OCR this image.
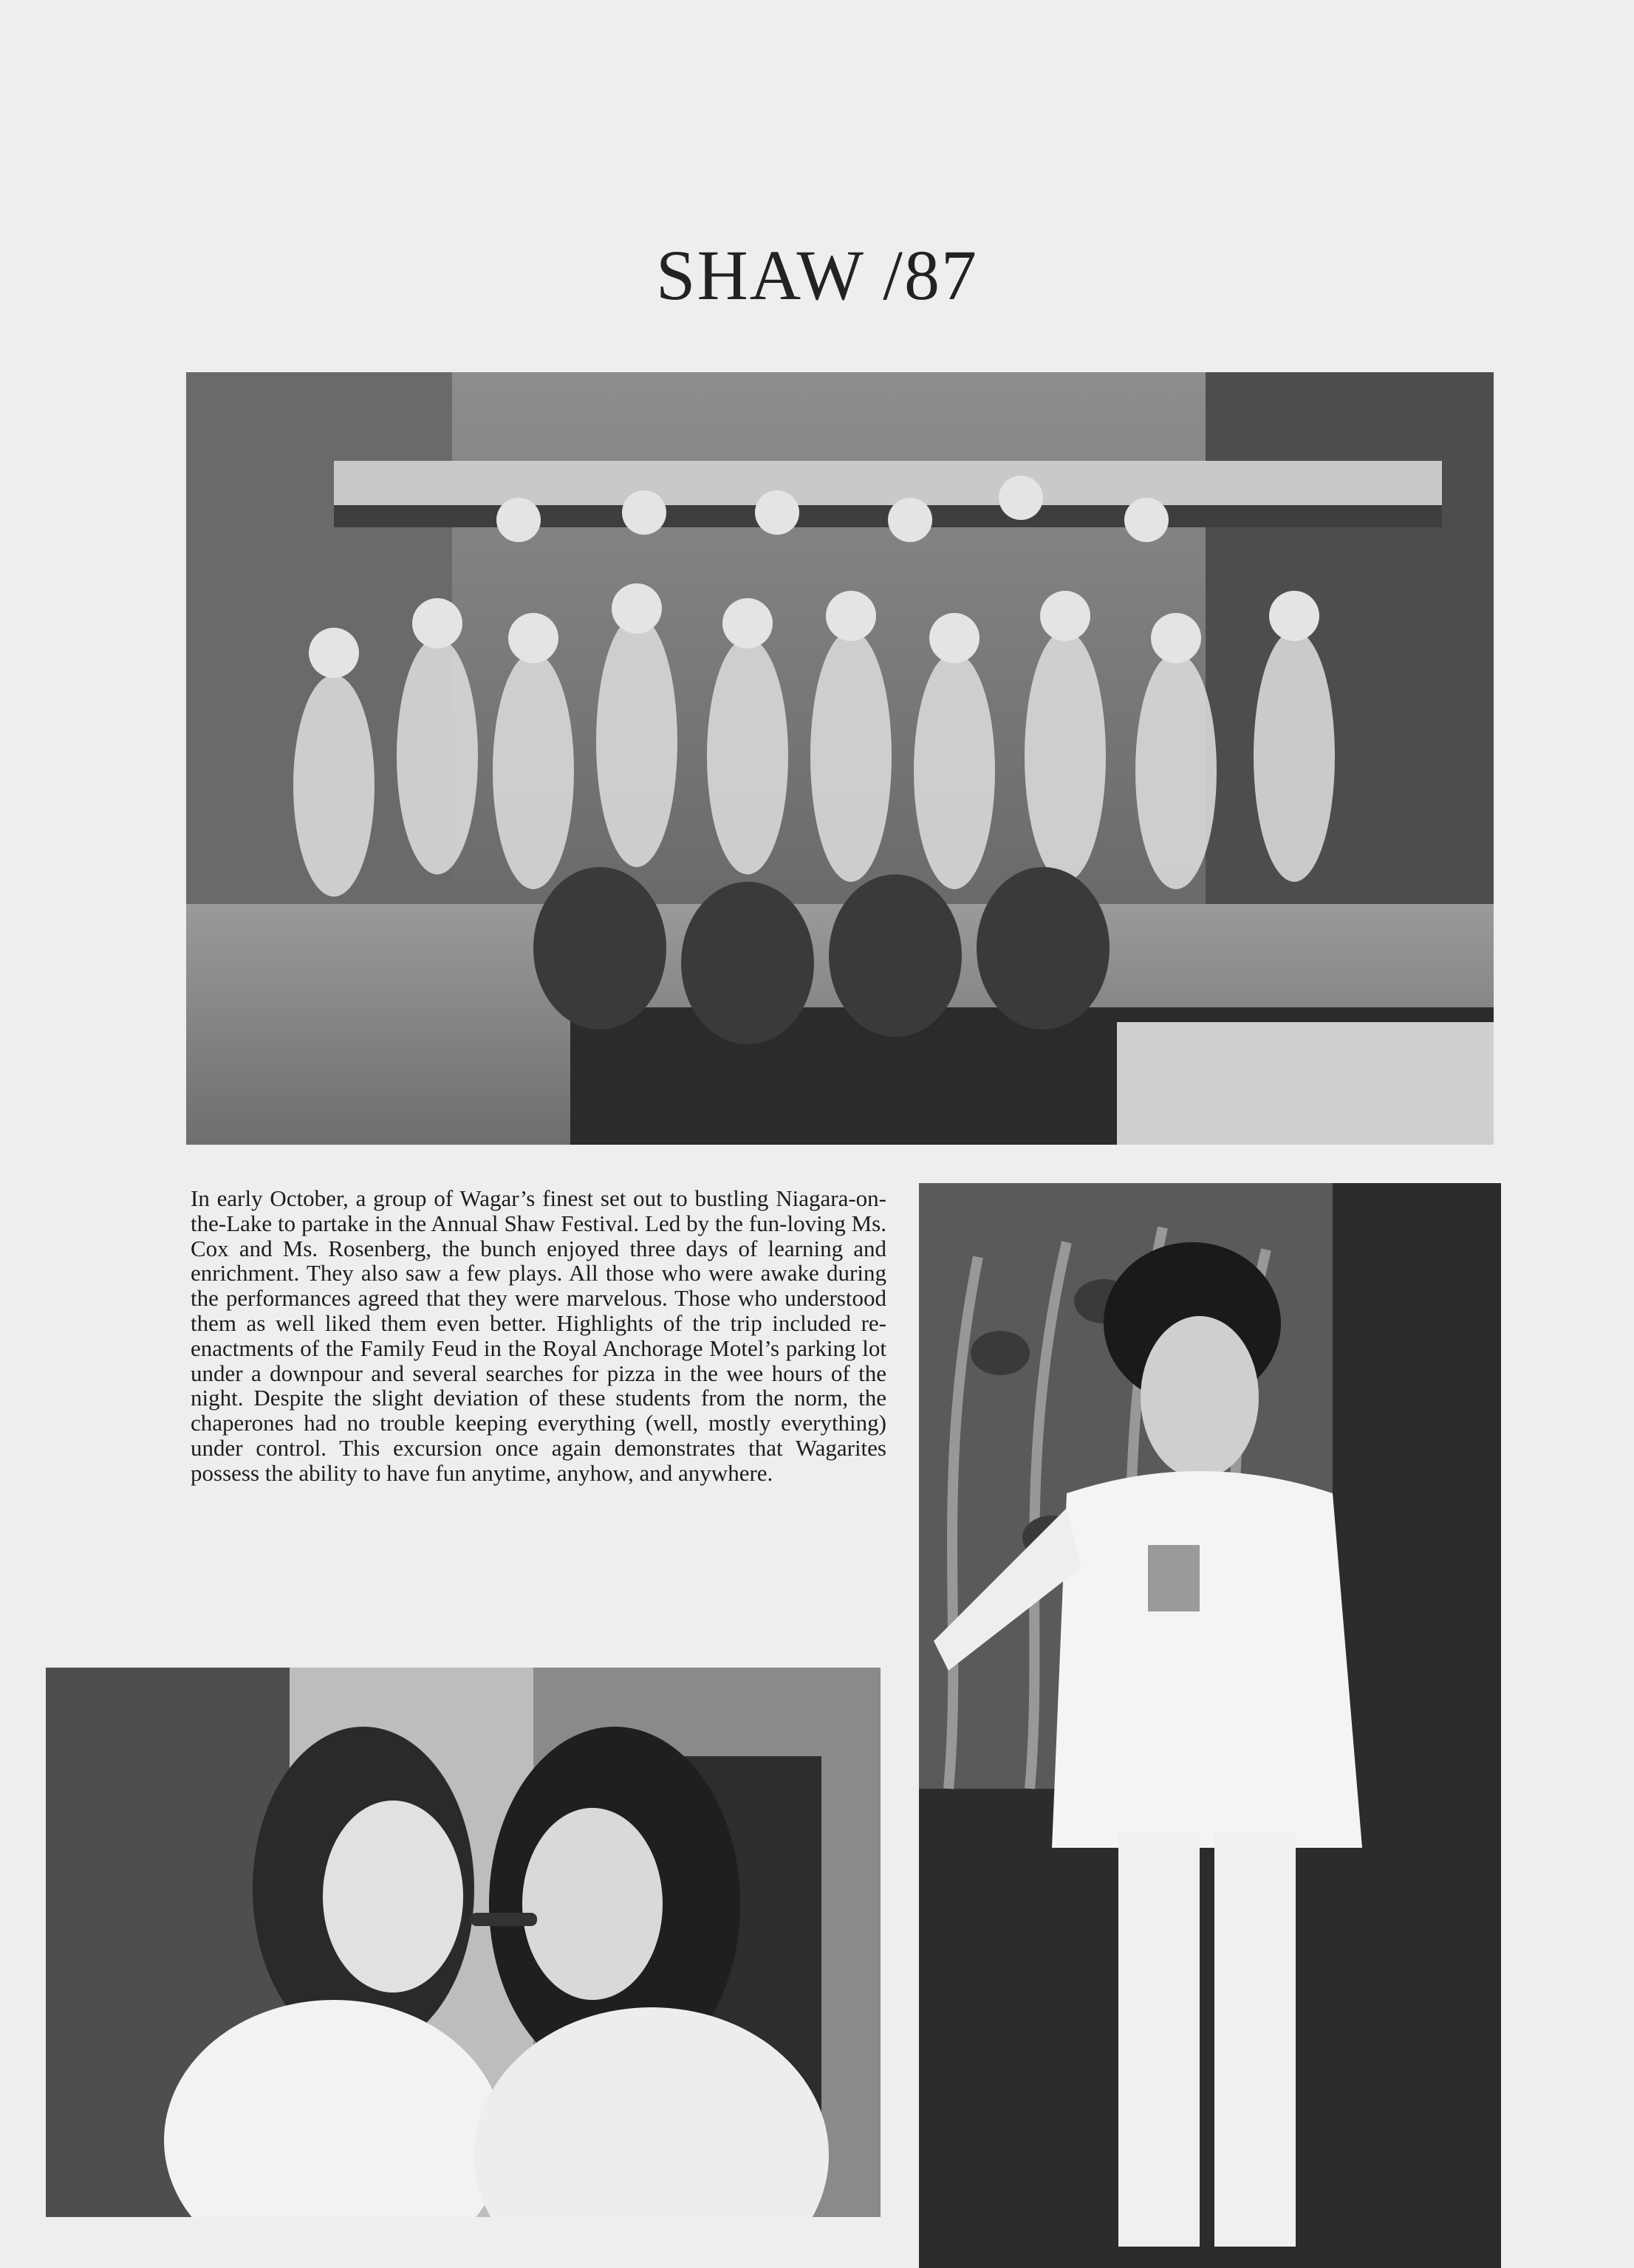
SHAW /87

In early October, a group of Wagar’s finest set out to bustling Niagara-on-the-Lake to partake in the Annual Shaw Festival. Led by the fun-loving Ms. Cox and Ms. Rosenberg, the bunch enjoyed three days of learning and enrichment. They also saw a few plays. All those who were awake during the performances agreed that they were marvelous. Those who understood them as well liked them even better. Highlights of the trip included re-enactments of the Family Feud in the Royal Anchorage Motel’s parking lot under a downpour and several searches for pizza in the wee hours of the night. Despite the slight deviation of these students from the norm, the chaperones had no trouble keeping everything (well, mostly everything) under control. This excursion once again demonstrates that Wagarites possess the ability to have fun anytime, anyhow, and anywhere.
